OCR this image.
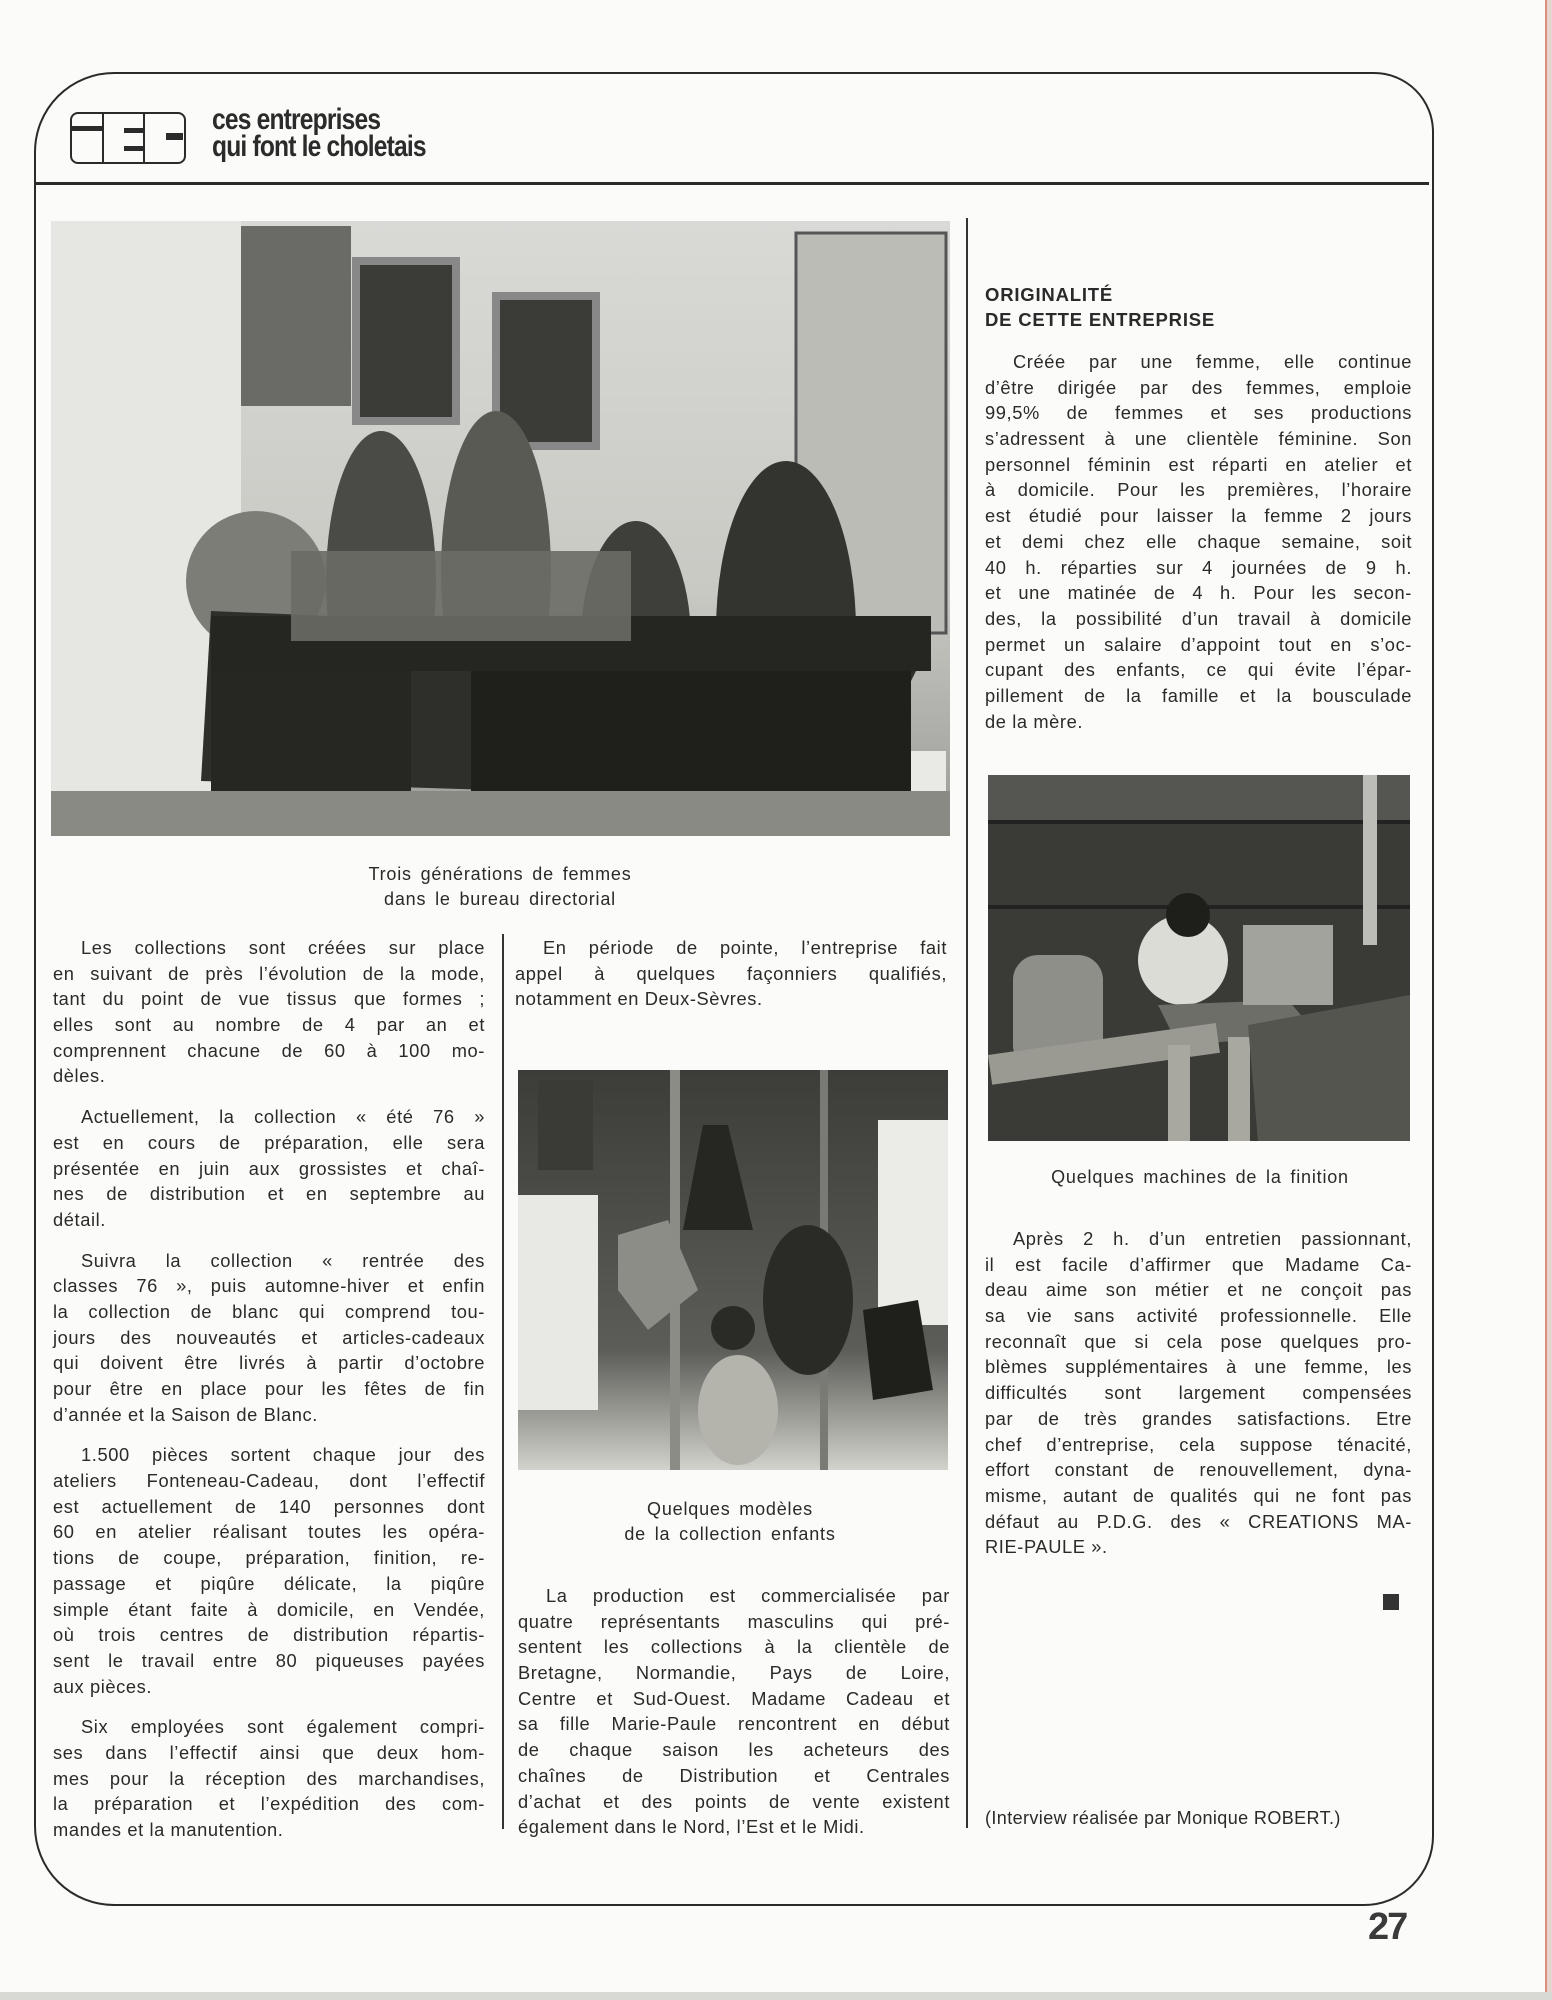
ces entreprises
qui font le choletais
Trois générations de femmes
dans le bureau directorial
Quelques modèles
de la collection enfants
Quelques machines de la finition
Les collections sont créées sur place
en suivant de près l’évolution de la mode,
tant du point de vue tissus que formes ;
elles sont au nombre de 4 par an et
comprennent chacune de 60 à 100 mo-
dèles.
Actuellement, la collection « été 76 »
est en cours de préparation, elle sera
présentée en juin aux grossistes et chaî-
nes de distribution et en septembre au
détail.
Suivra la collection « rentrée des
classes 76 », puis automne-hiver et enfin
la collection de blanc qui comprend tou-
jours des nouveautés et articles-cadeaux
qui doivent être livrés à partir d’octobre
pour être en place pour les fêtes de fin
d’année et la Saison de Blanc.
1.500 pièces sortent chaque jour des
ateliers Fonteneau-Cadeau, dont l’effectif
est actuellement de 140 personnes dont
60 en atelier réalisant toutes les opéra-
tions de coupe, préparation, finition, re-
passage et piqûre délicate, la piqûre
simple étant faite à domicile, en Vendée,
où trois centres de distribution répartis-
sent le travail entre 80 piqueuses payées
aux pièces.
Six employées sont également compri-
ses dans l’effectif ainsi que deux hom-
mes pour la réception des marchandises,
la préparation et l’expédition des com-
mandes et la manutention.
En période de pointe, l’entreprise fait
appel à quelques façonniers qualifiés,
notamment en Deux-Sèvres.
La production est commercialisée par
quatre représentants masculins qui pré-
sentent les collections à la clientèle de
Bretagne, Normandie, Pays de Loire,
Centre et Sud-Ouest. Madame Cadeau et
sa fille Marie-Paule rencontrent en début
de chaque saison les acheteurs des
chaînes de Distribution et Centrales
d’achat et des points de vente existent
également dans le Nord, l’Est et le Midi.
ORIGINALITÉ
DE CETTE ENTREPRISE
Créée par une femme, elle continue
d’être dirigée par des femmes, emploie
99,5% de femmes et ses productions
s’adressent à une clientèle féminine. Son
personnel féminin est réparti en atelier et
à domicile. Pour les premières, l’horaire
est étudié pour laisser la femme 2 jours
et demi chez elle chaque semaine, soit
40 h. réparties sur 4 journées de 9 h.
et une matinée de 4 h. Pour les secon-
des, la possibilité d’un travail à domicile
permet un salaire d’appoint tout en s’oc-
cupant des enfants, ce qui évite l’épar-
pillement de la famille et la bousculade
de la mère.
Après 2 h. d’un entretien passionnant,
il est facile d’affirmer que Madame Ca-
deau aime son métier et ne conçoit pas
sa vie sans activité professionnelle. Elle
reconnaît que si cela pose quelques pro-
blèmes supplémentaires à une femme, les
difficultés sont largement compensées
par de très grandes satisfactions. Etre
chef d’entreprise, cela suppose ténacité,
effort constant de renouvellement, dyna-
misme, autant de qualités qui ne font pas
défaut au P.D.G. des « CREATIONS MA-
RIE-PAULE ».
(Interview réalisée par Monique ROBERT.)
27
